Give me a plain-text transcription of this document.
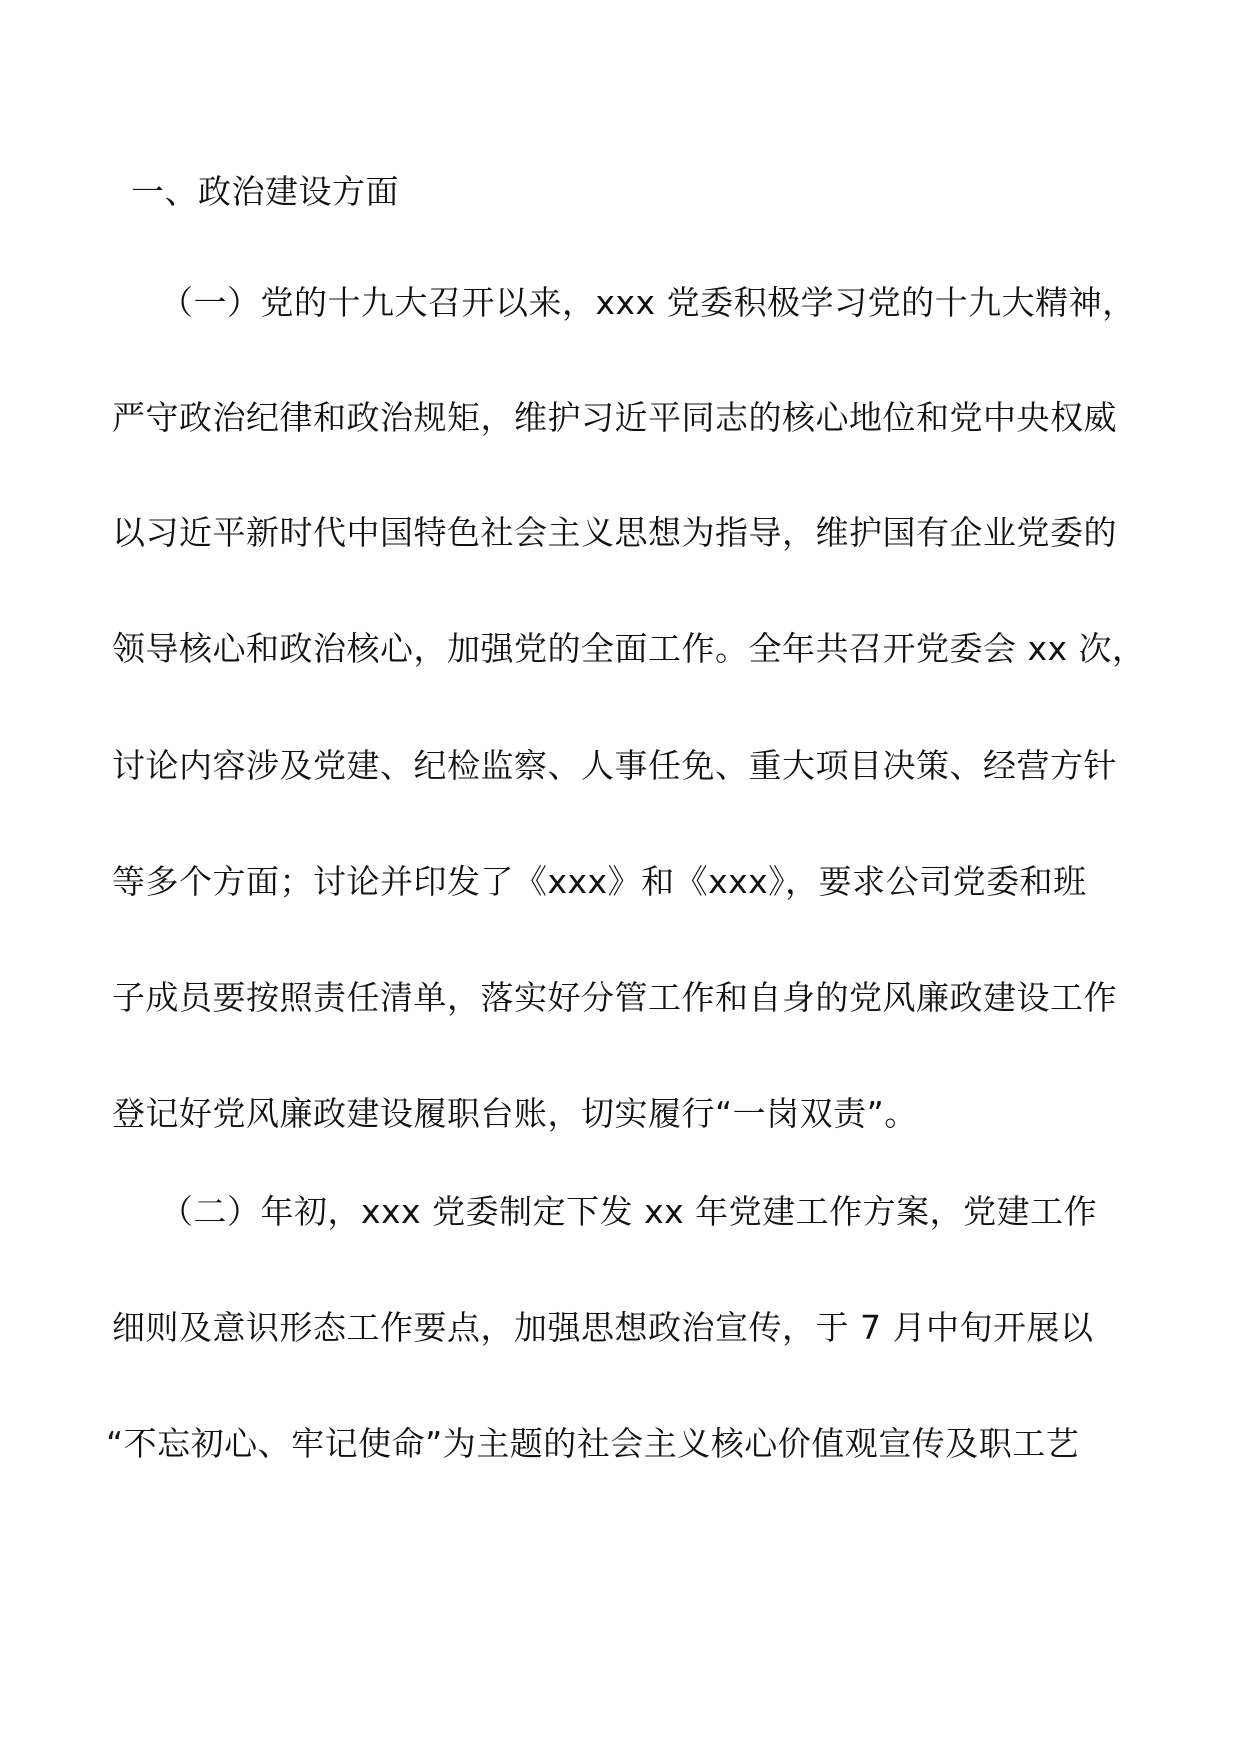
一、政治建设方面
（一）党的十九大召开以来，xxx 党委积极学习党的十九大精神，
严守政治纪律和政治规矩，维护习近平同志的核心地位和党中央权威
以习近平新时代中国特色社会主义思想为指导，维护国有企业党委的
领导核心和政治核心，加强党的全面工作。全年共召开党委会 xx 次，
讨论内容涉及党建、纪检监察、人事任免、重大项目决策、经营方针
等多个方面；讨论并印发了《xxx》和《xxx》，要求公司党委和班
子成员要按照责任清单，落实好分管工作和自身的党风廉政建设工作
登记好党风廉政建设履职台账，切实履行“一岗双责”。
（二）年初，xxx 党委制定下发 xx 年党建工作方案，党建工作
细则及意识形态工作要点，加强思想政治宣传，于 7 月中旬开展以
“不忘初心、牢记使命”为主题的社会主义核心价值观宣传及职工艺
